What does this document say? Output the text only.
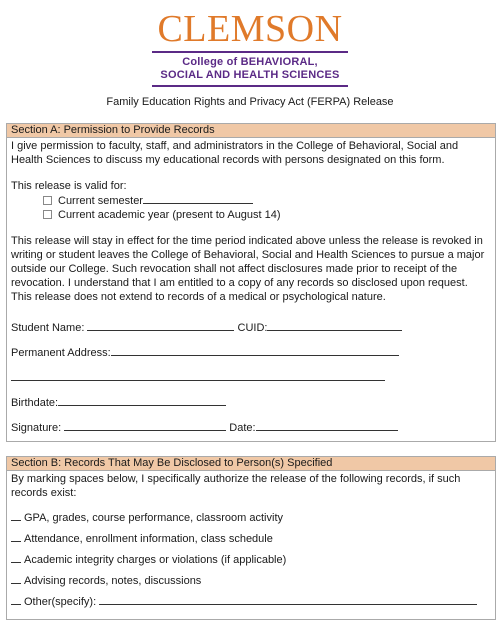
CLEMSON
College of BEHAVIORAL,
SOCIAL AND HEALTH SCIENCES
Family Education Rights and Privacy Act (FERPA) Release
Section A: Permission to Provide Records

I give permission to faculty, staff, and administrators in the College of Behavioral, Social and Health Sciences to discuss my educational records with persons designated on this form.

This release is valid for:

Current semester
Current academic year (present to August 14)

This release will stay in effect for the time period indicated above unless the release is revoked in writing or student leaves the College of Behavioral, Social and Health Sciences to pursue a major outside our College. Such revocation shall not affect disclosures made prior to receipt of the revocation. I understand that I am entitled to a copy of any records so disclosed upon request. This release does not extend to records of a medical or psychological nature.

Student Name:	CUID:
Permanent Address:
Birthdate:
Signature:	Date:
Section B: Records That May Be Disclosed to Person(s) Specified

By marking spaces below, I specifically authorize the release of the following records, if such records exist:

GPA, grades, course performance, classroom activity
Attendance, enrollment information, class schedule
Academic integrity charges or violations (if applicable)
Advising records, notes, discussions
Other(specify):
